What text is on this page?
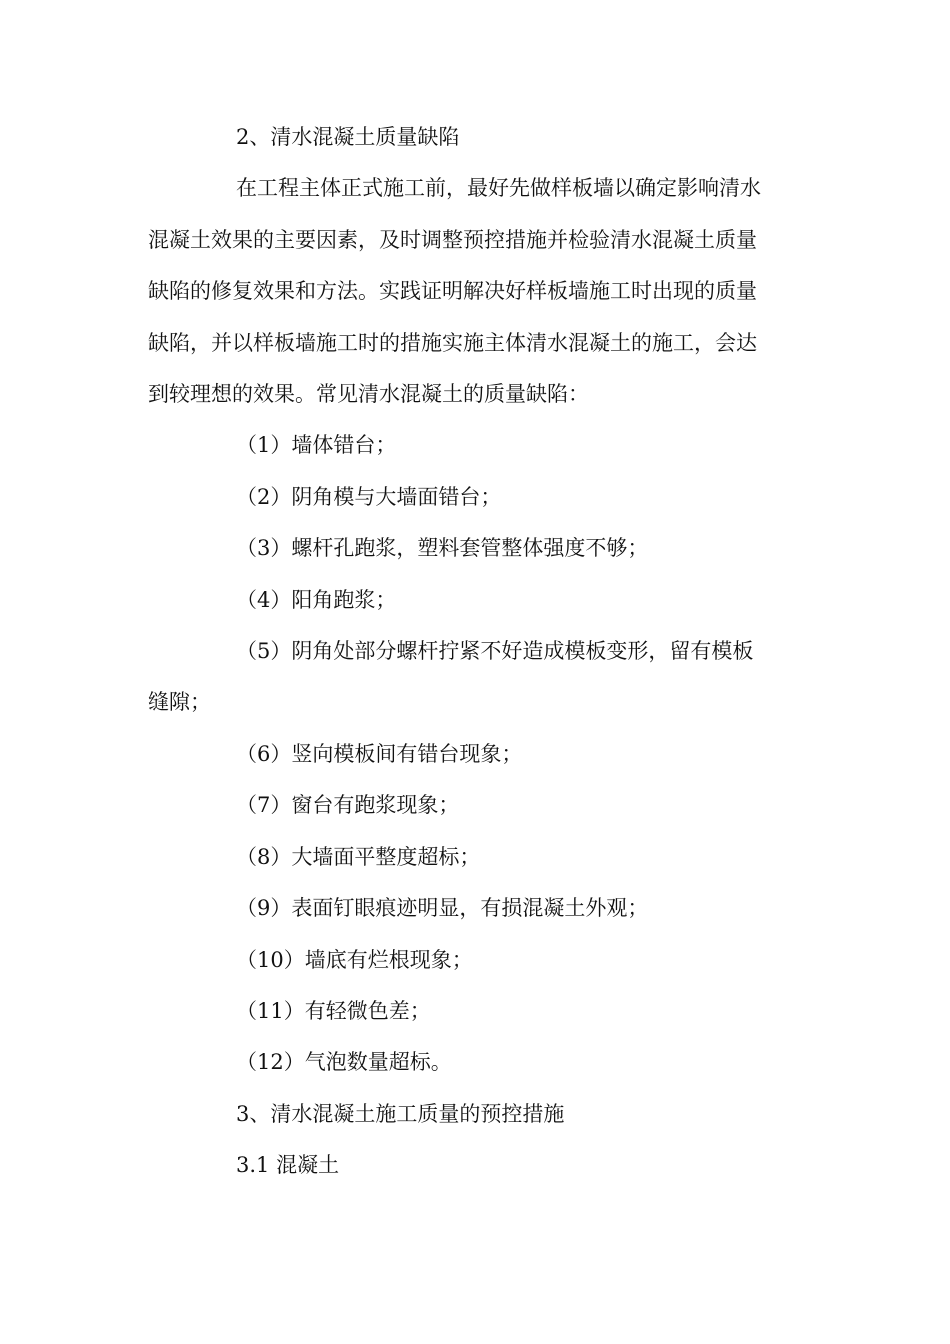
2、清水混凝土质量缺陷
在工程主体正式施工前，最好先做样板墙以确定影响清水
混凝土效果的主要因素，及时调整预控措施并检验清水混凝土质量
缺陷的修复效果和方法。实践证明解决好样板墙施工时出现的质量
缺陷，并以样板墙施工时的措施实施主体清水混凝土的施工，会达
到较理想的效果。常见清水混凝土的质量缺陷：
（1）墙体错台；
（2）阴角模与大墙面错台；
（3）螺杆孔跑浆，塑料套管整体强度不够；
（4）阳角跑浆；
（5）阴角处部分螺杆拧紧不好造成模板变形，留有模板
缝隙；
（6）竖向模板间有错台现象；
（7）窗台有跑浆现象；
（8）大墙面平整度超标；
（9）表面钉眼痕迹明显，有损混凝土外观；
（10）墙底有烂根现象；
（11）有轻微色差；
（12）气泡数量超标。
3、清水混凝土施工质量的预控措施
3.1 混凝土
